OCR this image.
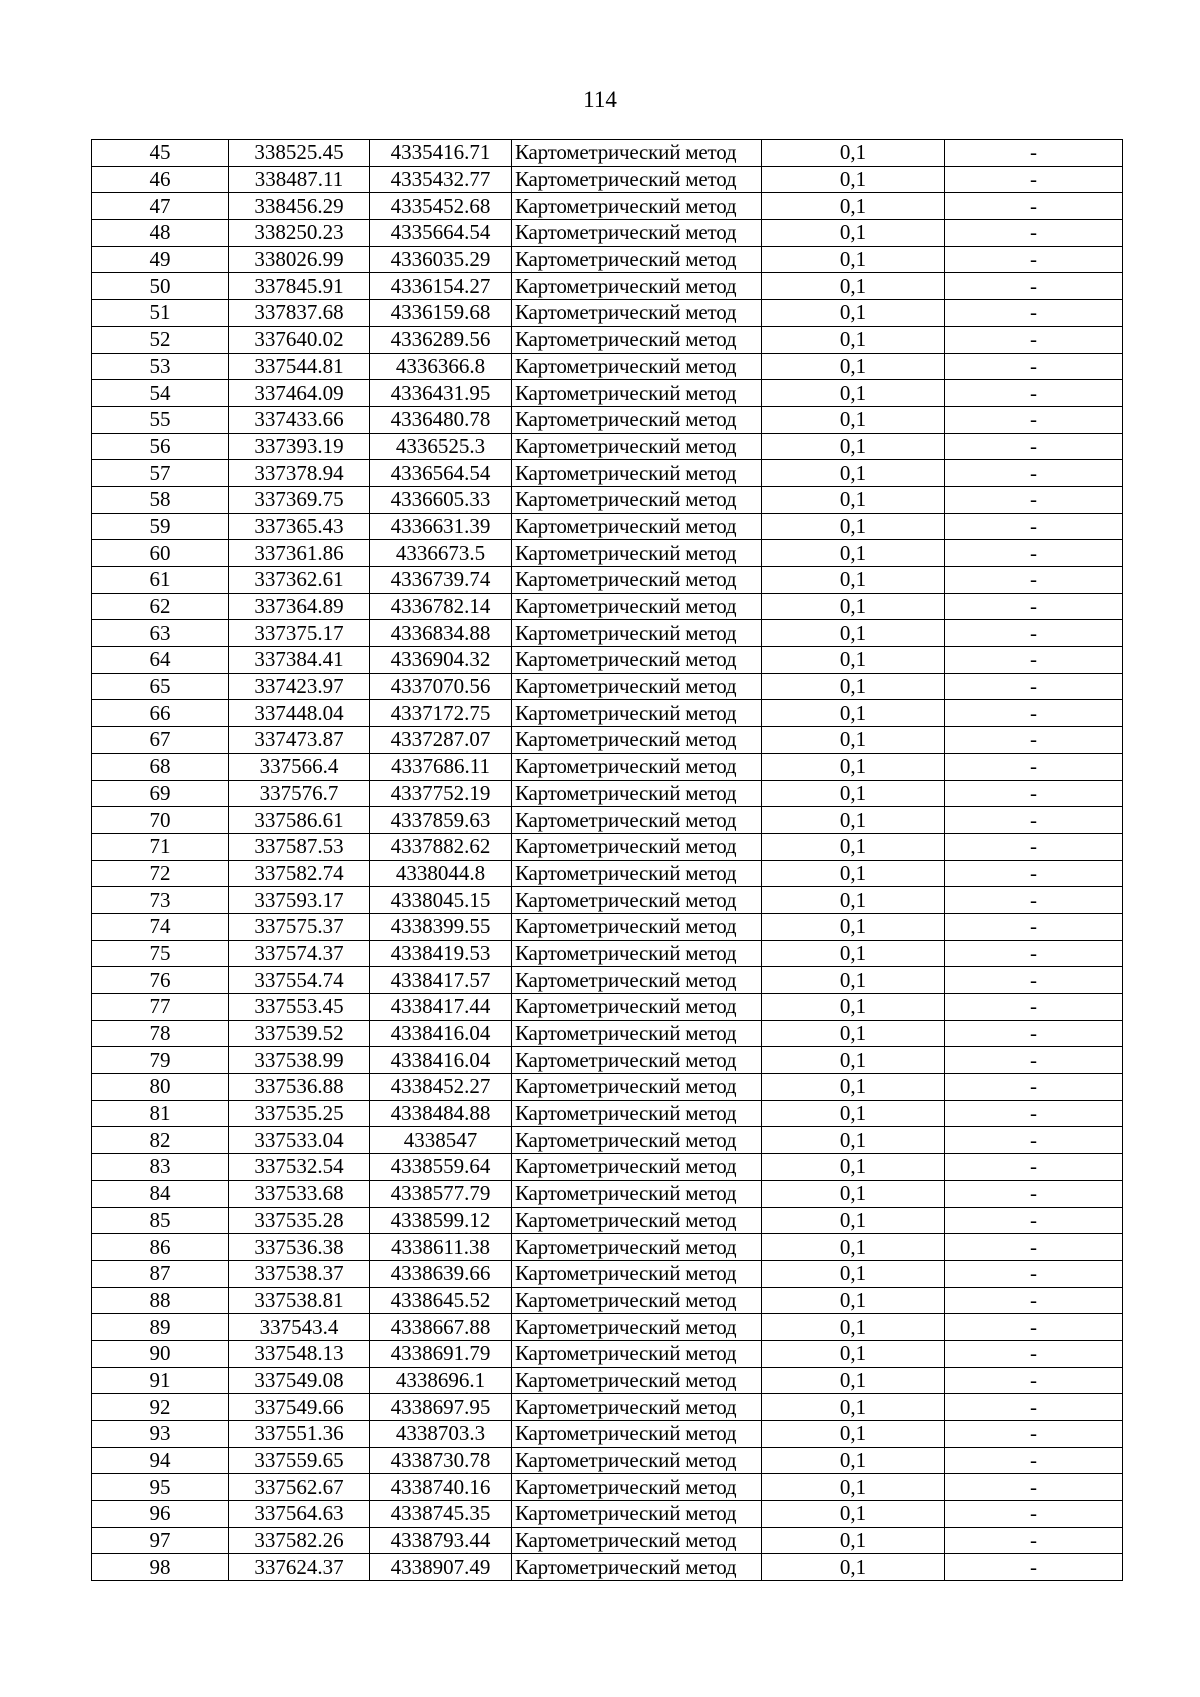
114
45	338525.45	4335416.71	Картометрический метод	0,1	-
46	338487.11	4335432.77	Картометрический метод	0,1	-
47	338456.29	4335452.68	Картометрический метод	0,1	-
48	338250.23	4335664.54	Картометрический метод	0,1	-
49	338026.99	4336035.29	Картометрический метод	0,1	-
50	337845.91	4336154.27	Картометрический метод	0,1	-
51	337837.68	4336159.68	Картометрический метод	0,1	-
52	337640.02	4336289.56	Картометрический метод	0,1	-
53	337544.81	4336366.8	Картометрический метод	0,1	-
54	337464.09	4336431.95	Картометрический метод	0,1	-
55	337433.66	4336480.78	Картометрический метод	0,1	-
56	337393.19	4336525.3	Картометрический метод	0,1	-
57	337378.94	4336564.54	Картометрический метод	0,1	-
58	337369.75	4336605.33	Картометрический метод	0,1	-
59	337365.43	4336631.39	Картометрический метод	0,1	-
60	337361.86	4336673.5	Картометрический метод	0,1	-
61	337362.61	4336739.74	Картометрический метод	0,1	-
62	337364.89	4336782.14	Картометрический метод	0,1	-
63	337375.17	4336834.88	Картометрический метод	0,1	-
64	337384.41	4336904.32	Картометрический метод	0,1	-
65	337423.97	4337070.56	Картометрический метод	0,1	-
66	337448.04	4337172.75	Картометрический метод	0,1	-
67	337473.87	4337287.07	Картометрический метод	0,1	-
68	337566.4	4337686.11	Картометрический метод	0,1	-
69	337576.7	4337752.19	Картометрический метод	0,1	-
70	337586.61	4337859.63	Картометрический метод	0,1	-
71	337587.53	4337882.62	Картометрический метод	0,1	-
72	337582.74	4338044.8	Картометрический метод	0,1	-
73	337593.17	4338045.15	Картометрический метод	0,1	-
74	337575.37	4338399.55	Картометрический метод	0,1	-
75	337574.37	4338419.53	Картометрический метод	0,1	-
76	337554.74	4338417.57	Картометрический метод	0,1	-
77	337553.45	4338417.44	Картометрический метод	0,1	-
78	337539.52	4338416.04	Картометрический метод	0,1	-
79	337538.99	4338416.04	Картометрический метод	0,1	-
80	337536.88	4338452.27	Картометрический метод	0,1	-
81	337535.25	4338484.88	Картометрический метод	0,1	-
82	337533.04	4338547	Картометрический метод	0,1	-
83	337532.54	4338559.64	Картометрический метод	0,1	-
84	337533.68	4338577.79	Картометрический метод	0,1	-
85	337535.28	4338599.12	Картометрический метод	0,1	-
86	337536.38	4338611.38	Картометрический метод	0,1	-
87	337538.37	4338639.66	Картометрический метод	0,1	-
88	337538.81	4338645.52	Картометрический метод	0,1	-
89	337543.4	4338667.88	Картометрический метод	0,1	-
90	337548.13	4338691.79	Картометрический метод	0,1	-
91	337549.08	4338696.1	Картометрический метод	0,1	-
92	337549.66	4338697.95	Картометрический метод	0,1	-
93	337551.36	4338703.3	Картометрический метод	0,1	-
94	337559.65	4338730.78	Картометрический метод	0,1	-
95	337562.67	4338740.16	Картометрический метод	0,1	-
96	337564.63	4338745.35	Картометрический метод	0,1	-
97	337582.26	4338793.44	Картометрический метод	0,1	-
98	337624.37	4338907.49	Картометрический метод	0,1	-
